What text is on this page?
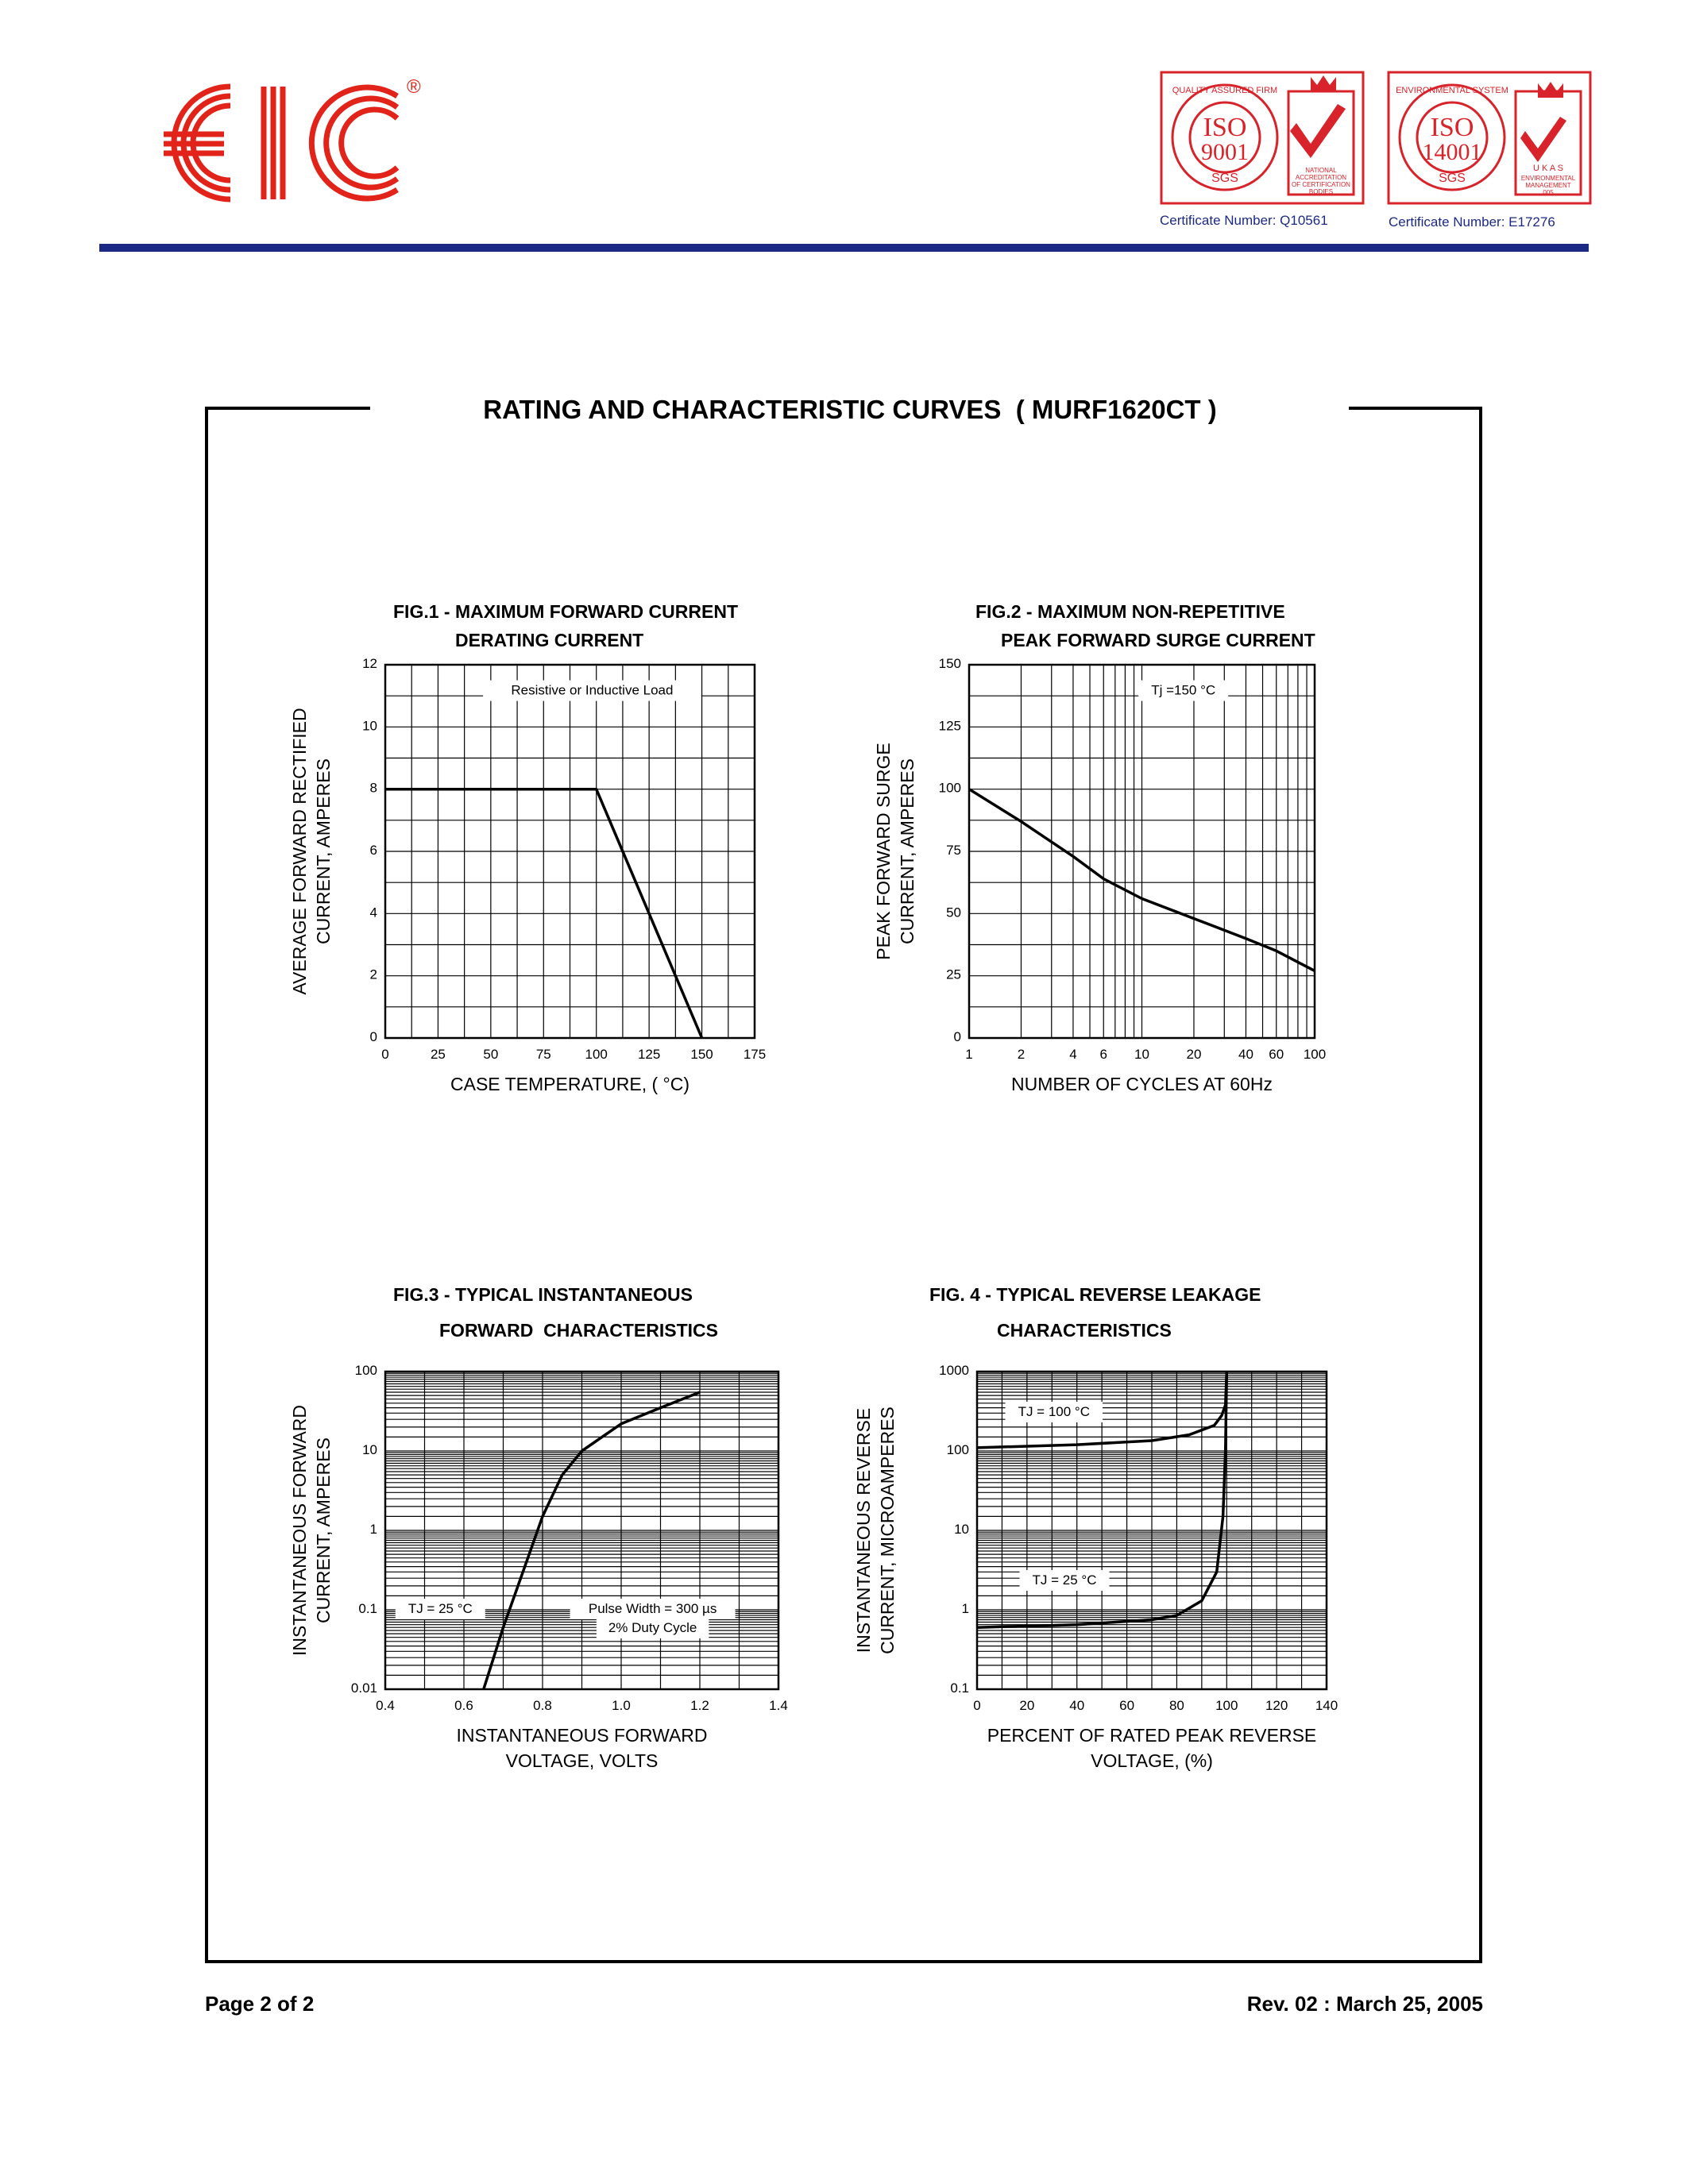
®
ISO
9001
SGS
ISO
14001
SGS
QUALITY ASSURED FIRM	ENVIRONMENTAL SYSTEM
NATIONAL
ACCREDITATION
OF CERTIFICATION
BODIES
U K A S
ENVIRONMENTAL
MANAGEMENT
005
Certificate Number: Q10561	Certificate Number: E17276
RATING AND CHARACTERISTIC CURVES  ( MURF1620CT )
FIG.1 - MAXIMUM FORWARD CURRENT
DERATING CURRENT
FIG.2 - MAXIMUM NON-REPETITIVE
PEAK FORWARD SURGE CURRENT
FIG.3 - TYPICAL INSTANTANEOUS
FORWARD  CHARACTERISTICS
FIG. 4 - TYPICAL REVERSE LEAKAGE
CHARACTERISTICS
0	25	50	75	100 125 150 175
0
2
4
6
8
10
12
CASE TEMPERATURE, ( °C)
AVERAGE FORWARD RECTIFIED CURRENT, AMPERES
Resistive or Inductive Load
1	2	4 6 10	20	40 60 100
0
25
50
75
100
125
150
NUMBER OF CYCLES AT 60Hz
PEAK FORWARD SURGE CURRENT, AMPERES
Tj =150 °C
0.4	0.6	0.8	1.0	1.2	1.4
0.01
0.1
1
10
100
INSTANTANEOUS FORWARD
VOLTAGE, VOLTS
INSTANTANEOUS FORWARD CURRENT, AMPERES	TJ = 25 °C	Pulse Width = 300 µs
2% Duty Cycle
0	20	40	60	80 100 120 140
0.1
1
10
100
1000
PERCENT OF RATED PEAK REVERSE
VOLTAGE, (%)
INSTANTANEOUS REVERSE CURRENT, MICROAMPERES	TJ = 100 °C
TJ = 25 °C
Page 2 of 2	Rev. 02 : March 25, 2005
